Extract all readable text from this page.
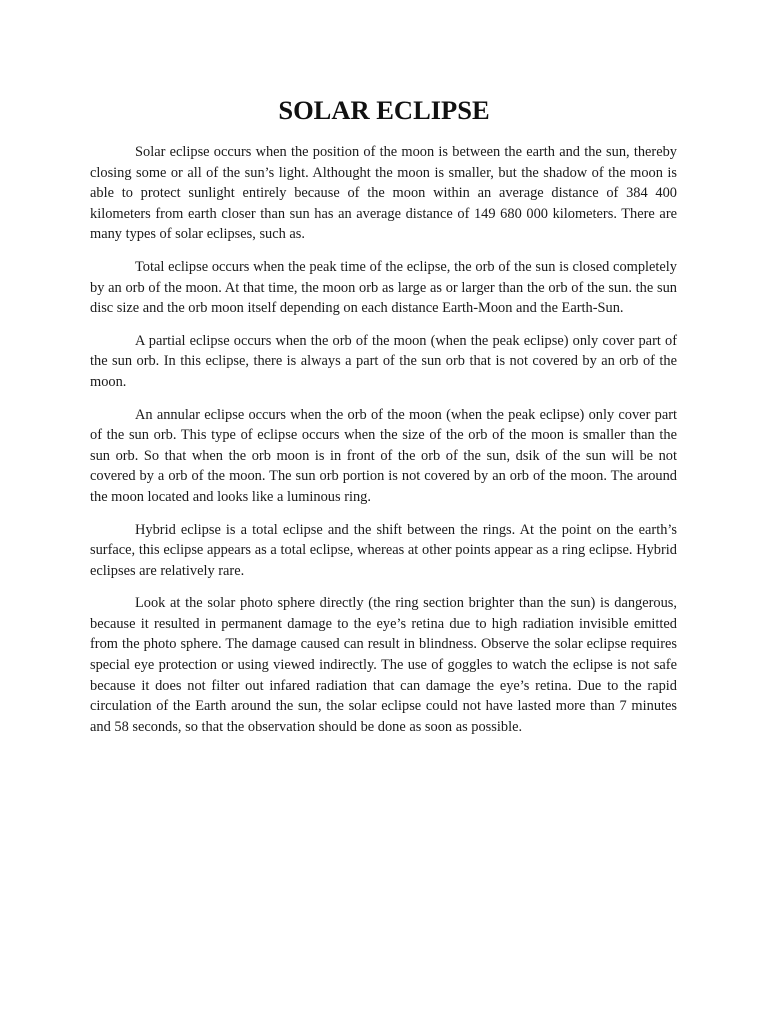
SOLAR ECLIPSE

Solar eclipse occurs when the position of the moon is between the earth and the sun, thereby closing some or all of the sun’s light. Althought the moon is smaller, but the shadow of the moon is able to protect sunlight entirely because of the moon within an average distance of 384 400 kilometers from earth closer than sun has an average distance of 149 680 000 kilometers. There are many types of solar eclipses, such as.

Total eclipse occurs when the peak time of the eclipse, the orb of the sun is closed completely by an orb of the moon. At that time, the moon orb as large as or larger than the orb of the sun. the sun disc size and the orb moon itself depending on each distance Earth-Moon and the Earth-Sun.

A partial eclipse occurs when the orb of the moon (when the peak eclipse) only cover part of the sun orb. In this eclipse, there is always a part of the sun orb that is not covered by an orb of the moon.

An annular eclipse occurs when the orb of the moon (when the peak eclipse) only cover part of the sun orb. This type of eclipse occurs when the size of the orb of the moon is smaller than the sun orb. So that when the orb moon is in front of the orb of the sun, dsik of the sun will be not covered by a orb of the moon. The sun orb portion is not covered by an orb of the moon. The around the moon located and looks like a luminous ring.

Hybrid eclipse is a total eclipse and the shift between the rings. At the point on the earth’s surface, this eclipse appears as a total eclipse, whereas at other points appear as a ring eclipse. Hybrid eclipses are relatively rare.

Look at the solar photo sphere directly (the ring section brighter than the sun) is dangerous, because it resulted in permanent damage to the eye’s retina due to high radiation invisible emitted from the photo sphere. The damage caused can result in blindness. Observe the solar eclipse requires special eye protection or using viewed indirectly. The use of goggles to watch the eclipse is not safe because it does not filter out infared radiation that can damage the eye’s retina. Due to the rapid circulation of the Earth around the sun, the solar eclipse could not have lasted more than 7 minutes and 58 seconds, so that the observation should be done as soon as possible.
